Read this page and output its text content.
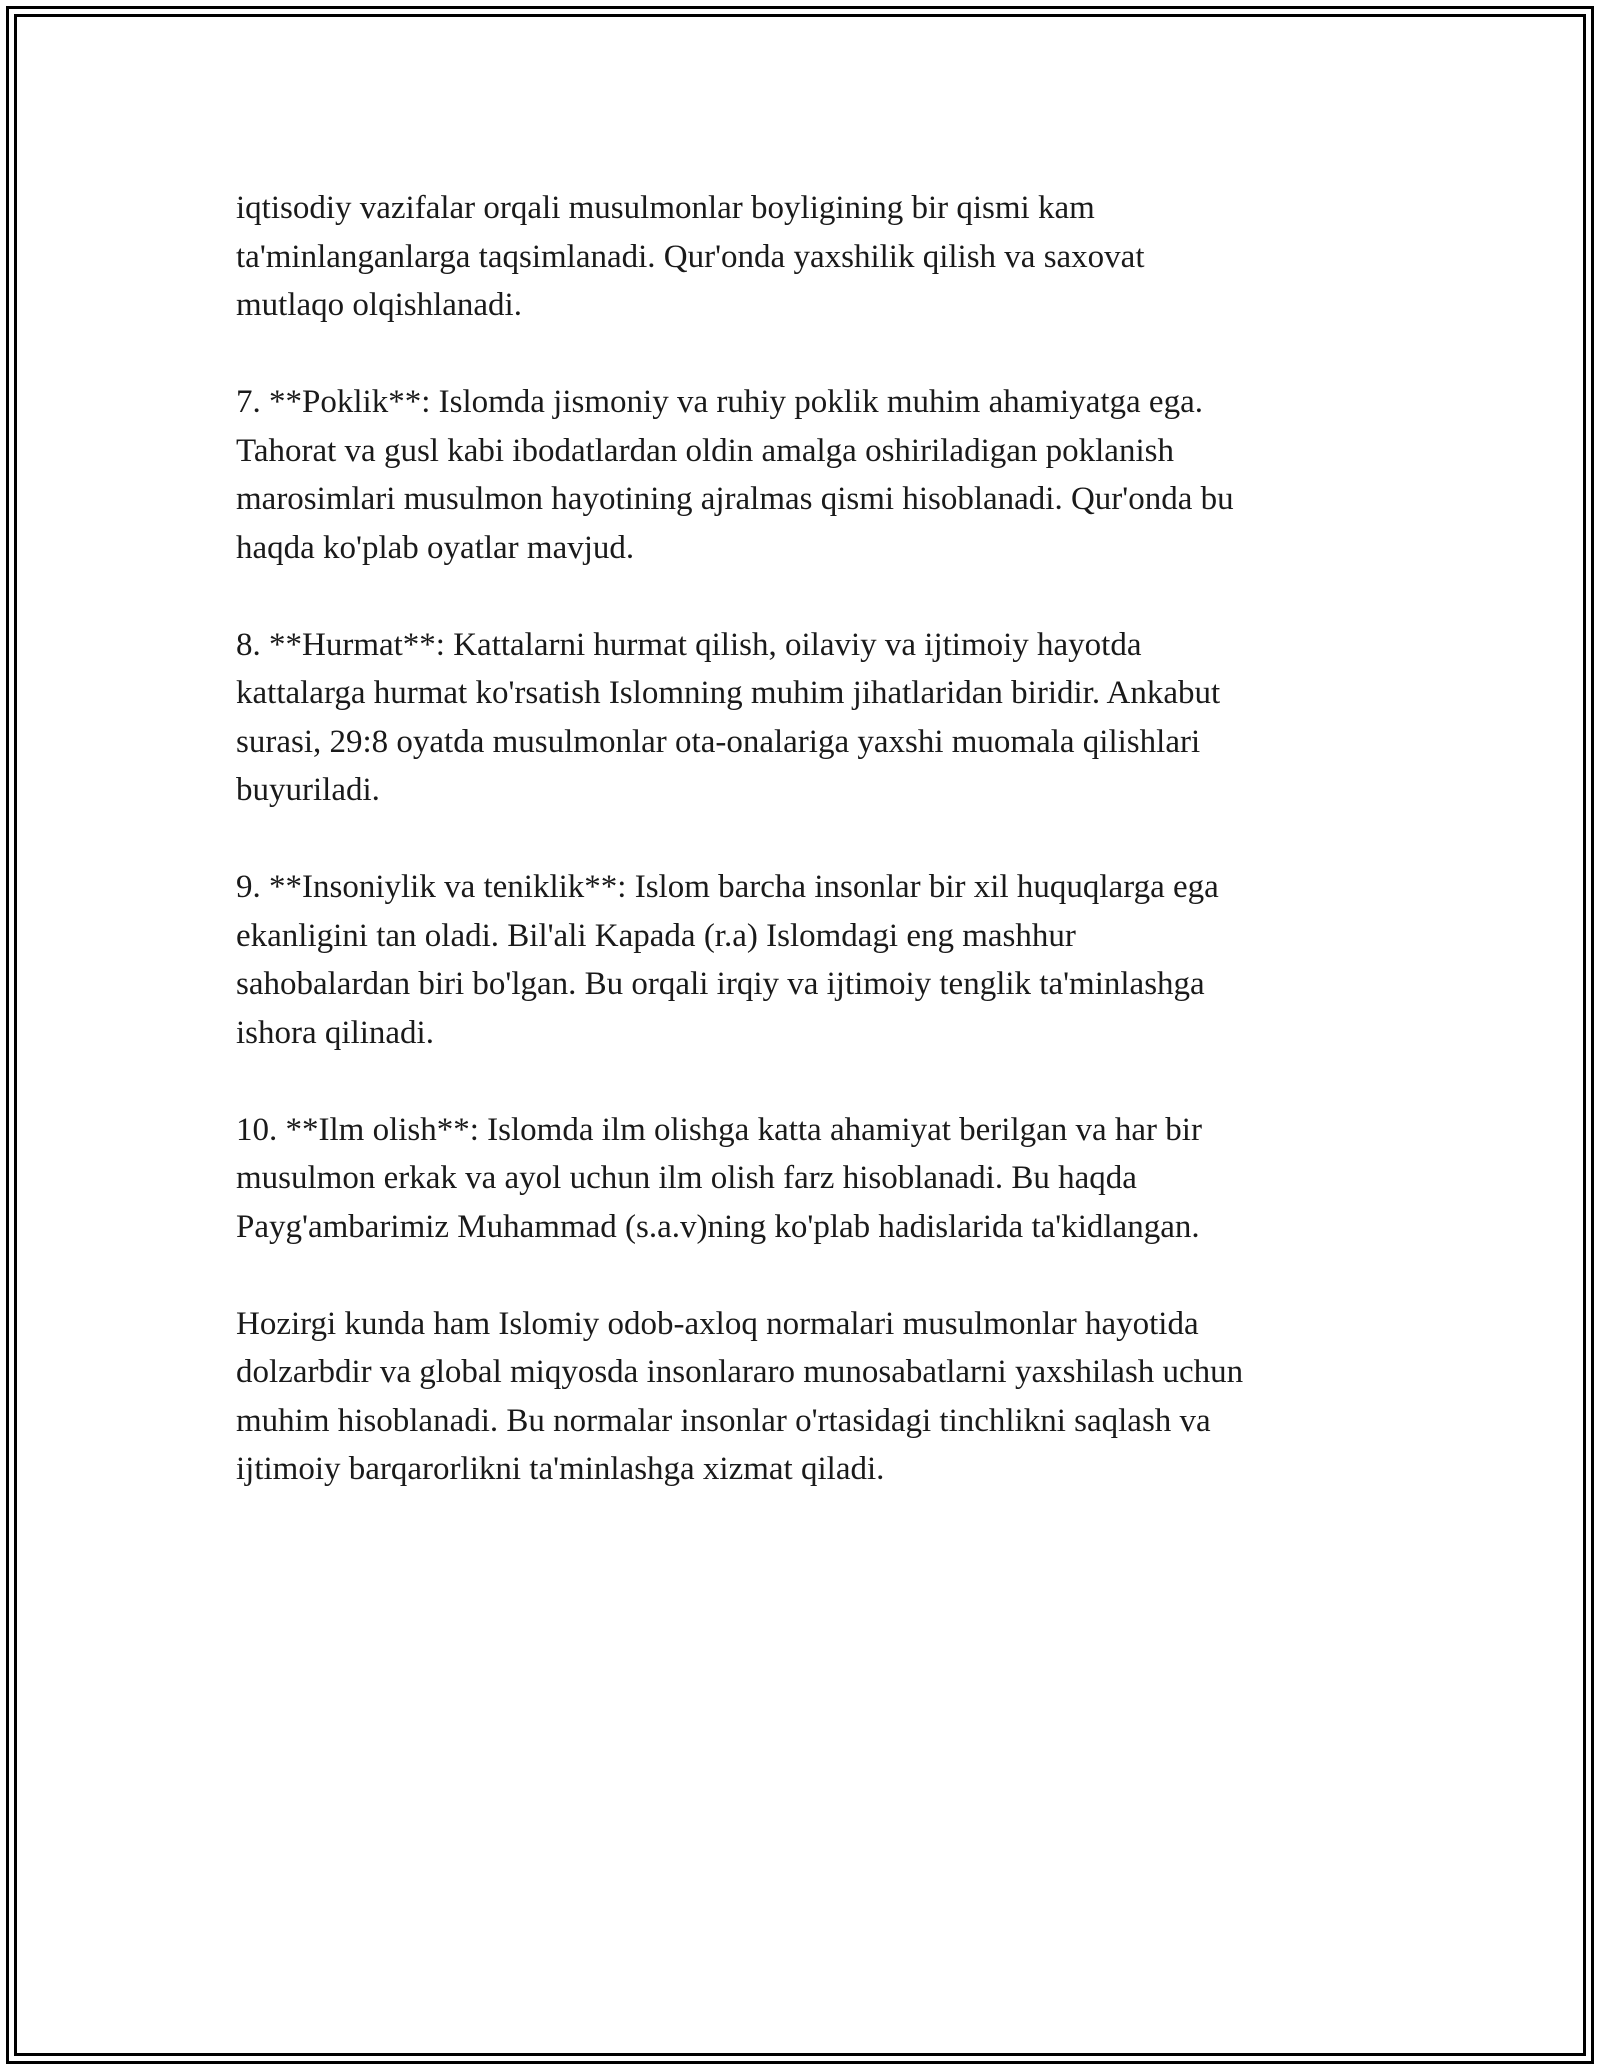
iqtisodiy vazifalar orqali musulmonlar boyligining bir qismi kam
ta'minlanganlarga taqsimlanadi. Qur'onda yaxshilik qilish va saxovat
mutlaqo olqishlanadi.

7. **Poklik**: Islomda jismoniy va ruhiy poklik muhim ahamiyatga ega.
Tahorat va gusl kabi ibodatlardan oldin amalga oshiriladigan poklanish
marosimlari musulmon hayotining ajralmas qismi hisoblanadi. Qur'onda bu
haqda ko'plab oyatlar mavjud.

8. **Hurmat**: Kattalarni hurmat qilish, oilaviy va ijtimoiy hayotda
kattalarga hurmat ko'rsatish Islomning muhim jihatlaridan biridir. Ankabut
surasi, 29:8 oyatda musulmonlar ota-onalariga yaxshi muomala qilishlari
buyuriladi.

9. **Insoniylik va teniklik**: Islom barcha insonlar bir xil huquqlarga ega
ekanligini tan oladi. Bil'ali Kapada (r.a) Islomdagi eng mashhur
sahobalardan biri bo'lgan. Bu orqali irqiy va ijtimoiy tenglik ta'minlashga
ishora qilinadi.

10. **Ilm olish**: Islomda ilm olishga katta ahamiyat berilgan va har bir
musulmon erkak va ayol uchun ilm olish farz hisoblanadi. Bu haqda
Payg'ambarimiz Muhammad (s.a.v)ning ko'plab hadislarida ta'kidlangan.

Hozirgi kunda ham Islomiy odob-axloq normalari musulmonlar hayotida
dolzarbdir va global miqyosda insonlararo munosabatlarni yaxshilash uchun
muhim hisoblanadi. Bu normalar insonlar o'rtasidagi tinchlikni saqlash va
ijtimoiy barqarorlikni ta'minlashga xizmat qiladi.
